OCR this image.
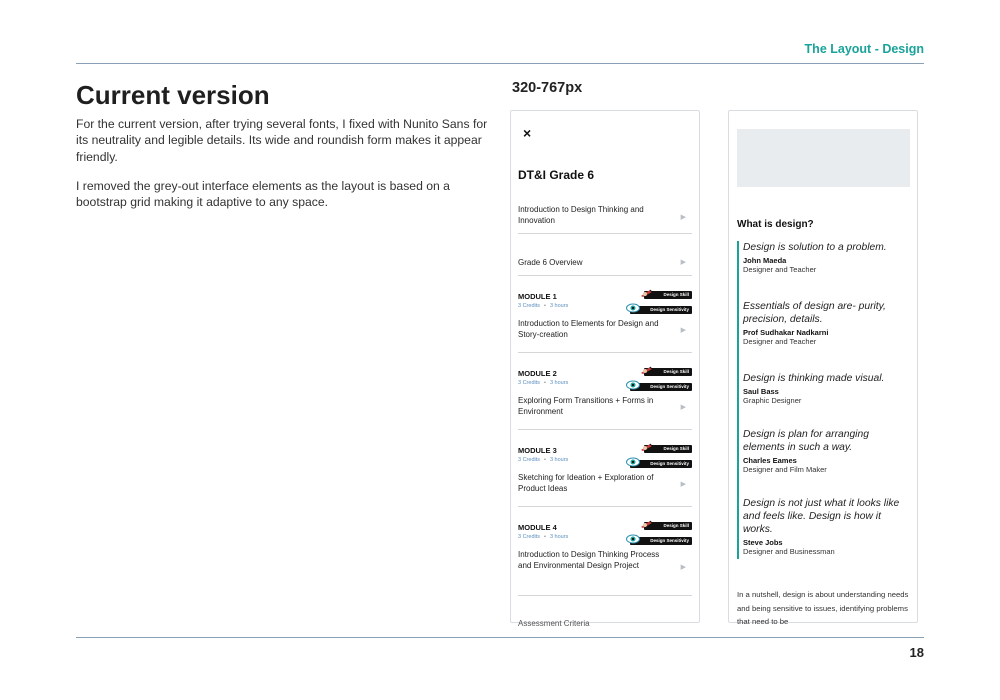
The Layout - Design
Current version

For the current version, after trying several fonts, I fixed with Nunito Sans for its neutrality and legible details. Its wide and roundish form makes it appear friendly.

I removed the grey-out interface elements as the layout is based on a bootstrap grid making it adaptive to any space.

320-767px
×
DT&I Grade 6
Introduction to Design Thinking and Innovation	▶
Grade 6 Overview	▶
MODULE 1
3 Credits • 3 hours
Design Skill
Design Sensitivity
Introduction to Elements for Design and Story-creation	▶
MODULE 2
3 Credits • 3 hours
Design Skill
Design Sensitivity
Exploring Form Transitions + Forms in Environment	▶
MODULE 3
3 Credits • 3 hours
Design Skill
Design Sensitivity
Sketching for Ideation + Exploration of Product Ideas	▶
MODULE 4
3 Credits • 3 hours
Design Skill
Design Sensitivity
Introduction to Design Thinking Process and Environmental Design Project	▶
Assessment Criteria
What is design?
Design is solution to a problem.
John Maeda
Designer and Teacher
Essentials of design are- purity, precision, details.
Prof Sudhakar Nadkarni
Designer and Teacher
Design is thinking made visual.
Saul Bass
Graphic Designer
Design is plan for arranging elements in such a way.
Charles Eames
Designer and Film Maker
Design is not just what it looks like and feels like. Design is how it works.
Steve Jobs
Designer and Businessman

In a nutshell, design is about understanding needs and being sensitive to issues, identifying problems that need to be

18
